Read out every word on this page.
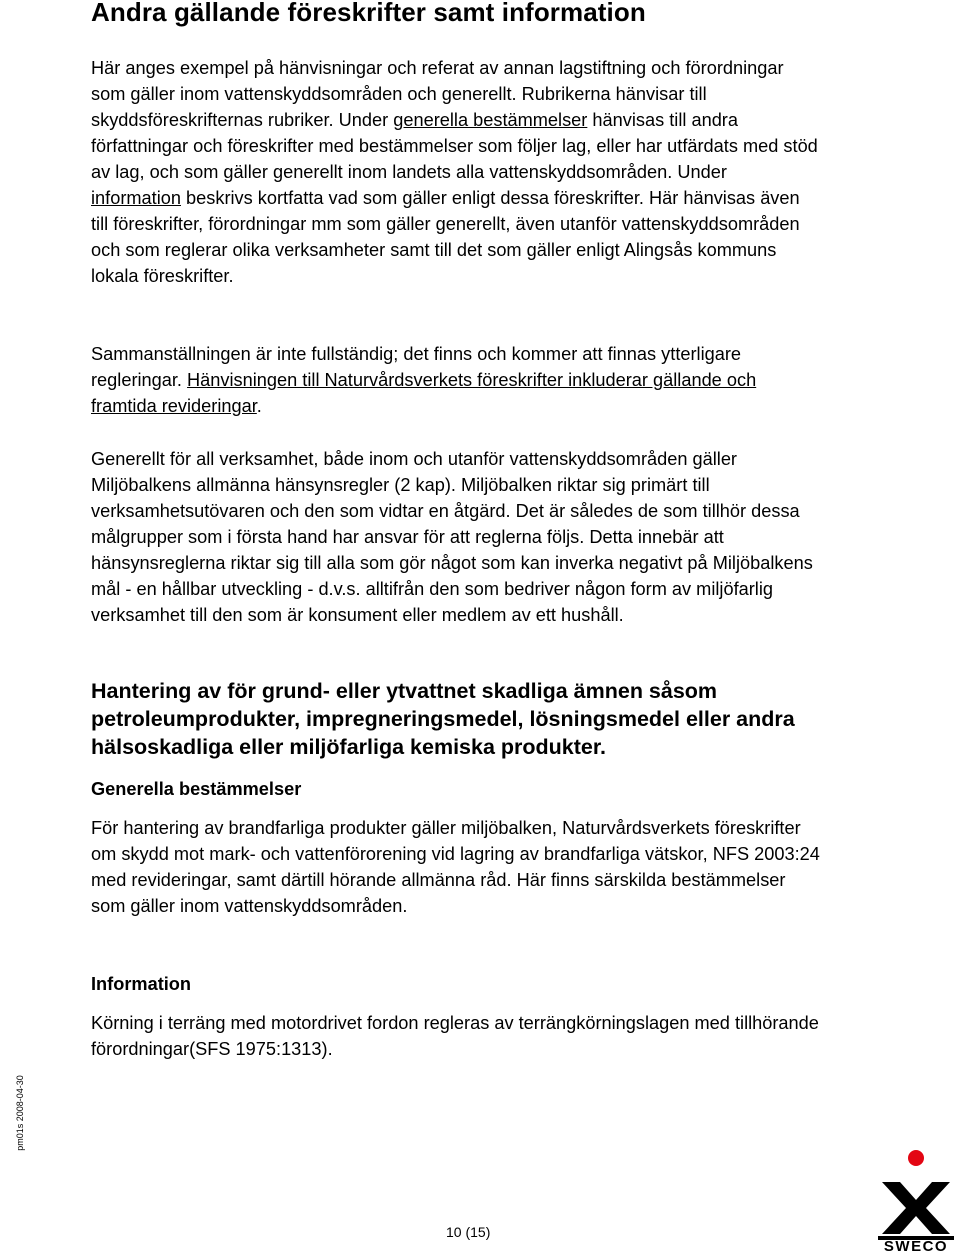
Andra gällande föreskrifter samt information

Här anges exempel på hänvisningar och referat av annan lagstiftning och förordningar som gäller inom vattenskyddsområden och generellt. Rubrikerna hänvisar till skyddsföreskrifternas rubriker. Under generella bestämmelser hänvisas till andra författningar och föreskrifter med bestämmelser som följer lag, eller har utfärdats med stöd av lag, och som gäller generellt inom landets alla vattenskyddsområden. Under information beskrivs kortfatta vad som gäller enligt dessa föreskrifter. Här hänvisas även till föreskrifter, förordningar mm som gäller generellt, även utanför vattenskyddsområden och som reglerar olika verksamheter samt till det som gäller enligt Alingsås kommuns lokala föreskrifter.

Sammanställningen är inte fullständig; det finns och kommer att finnas ytterligare regleringar. Hänvisningen till Naturvårdsverkets föreskrifter inkluderar gällande och framtida revideringar.

Generellt för all verksamhet, både inom och utanför vattenskyddsområden gäller Miljöbalkens allmänna hänsynsregler (2 kap). Miljöbalken riktar sig primärt till verksamhetsutövaren och den som vidtar en åtgärd. Det är således de som tillhör dessa målgrupper som i första hand har ansvar för att reglerna följs. Detta innebär att hänsynsreglerna riktar sig till alla som gör något som kan inverka negativt på Miljöbalkens mål - en hållbar utveckling - d.v.s. alltifrån den som bedriver någon form av miljöfarlig verksamhet till den som är konsument eller medlem av ett hushåll.

Hantering av för grund- eller ytvattnet skadliga ämnen såsom petroleumprodukter, impregneringsmedel, lösningsmedel eller andra hälsoskadliga eller miljöfarliga kemiska produkter.
Generella bestämmelser

För hantering av brandfarliga produkter gäller miljöbalken, Naturvårdsverkets föreskrifter om skydd mot mark- och vattenförorening vid lagring av brandfarliga vätskor, NFS 2003:24 med revideringar, samt därtill hörande allmänna råd. Här finns särskilda bestämmelser som gäller inom vattenskyddsområden.

Information

Körning i terräng med motordrivet fordon regleras av terrängkörningslagen med tillhörande förordningar(SFS 1975:1313).

pm01s 2008-04-30
10 (15)
SWECO
